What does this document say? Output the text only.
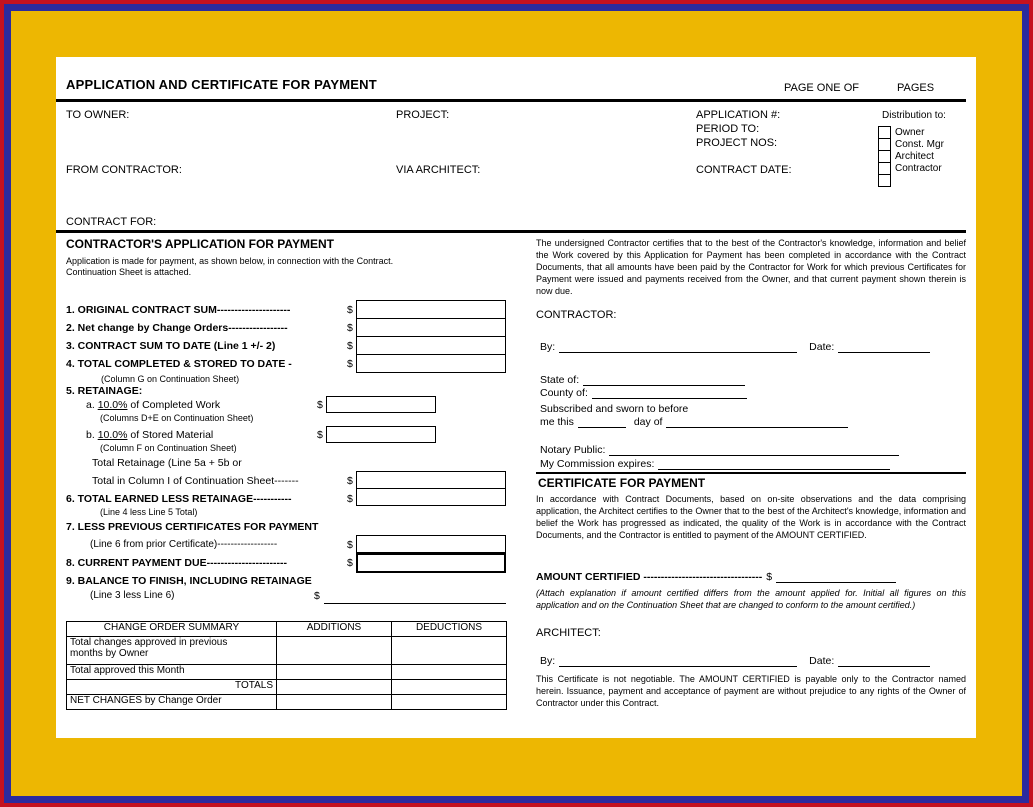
APPLICATION AND CERTIFICATE FOR PAYMENT	PAGE ONE OF	PAGES
TO OWNER:	PROJECT:	APPLICATION #:
PERIOD TO:
PROJECT NOS:
Distribution to:
Owner
Const. Mgr
Architect
Contractor
FROM CONTRACTOR:	VIA ARCHITECT:	CONTRACT DATE:
CONTRACT FOR:
CONTRACTOR'S APPLICATION FOR PAYMENT
Application is made for payment, as shown below, in connection with the Contract.
Continuation Sheet is attached.
1. ORIGINAL CONTRACT SUM---------------------	$
2. Net change by Change Orders-----------------	$
3. CONTRACT SUM TO DATE (Line 1 +/- 2)	$
4. TOTAL COMPLETED & STORED TO DATE -	$
(Column G on Continuation Sheet)
5. RETAINAGE:
a. 10.0% of Completed Work	$
(Columns D+E on Continuation Sheet)
b. 10.0% of Stored Material	$
(Column F on Continuation Sheet)
Total Retainage (Line 5a + 5b or
Total in Column I of Continuation Sheet-------	$
6. TOTAL EARNED LESS RETAINAGE-----------	$
(Line 4 less Line 5 Total)
7. LESS PREVIOUS CERTIFICATES FOR PAYMENT
(Line 6 from prior Certificate)------------------	$
8. CURRENT PAYMENT DUE-----------------------	$
9. BALANCE TO FINISH, INCLUDING RETAINAGE
(Line 3 less Line 6)	$
CHANGE ORDER SUMMARY	ADDITIONS	DEDUCTIONS

Total changes approved in previous
months by Owner		

Total approved this Month		
TOTALS		
NET CHANGES by Change Order		
The undersigned Contractor certifies that to the best of the Contractor's knowledge, information and belief the Work covered by this Application for Payment has been completed in accordance with the Contract Documents, that all amounts have been paid by the Contractor for Work for which previous Certificates for Payment were issued and payments received from the Owner, and that current payment shown therein is now due.
CONTRACTOR:
By:	Date:
State of:
County of:
Subscribed and sworn to before
me this	day of
Notary Public:
My Commission expires:
CERTIFICATE FOR PAYMENT
In accordance with Contract Documents, based on on-site observations and the data comprising application, the Architect certifies to the Owner that to the best of the Architect's knowledge, information and belief the Work has progressed as indicated, the quality of the Work is in accordance with the Contract Documents, and the Contractor is entitled to payment of the AMOUNT CERTIFIED.
AMOUNT CERTIFIED ---------------------------------- $
(Attach explanation if amount certified differs from the amount applied for. Initial all figures on this application and on the Continuation Sheet that are changed to conform to the amount certified.)
ARCHITECT:
By:	Date:
This Certificate is not negotiable. The AMOUNT CERTIFIED is payable only to the Contractor named herein. Issuance, payment and acceptance of payment are without prejudice to any rights of the Owner of Contractor under this Contract.
